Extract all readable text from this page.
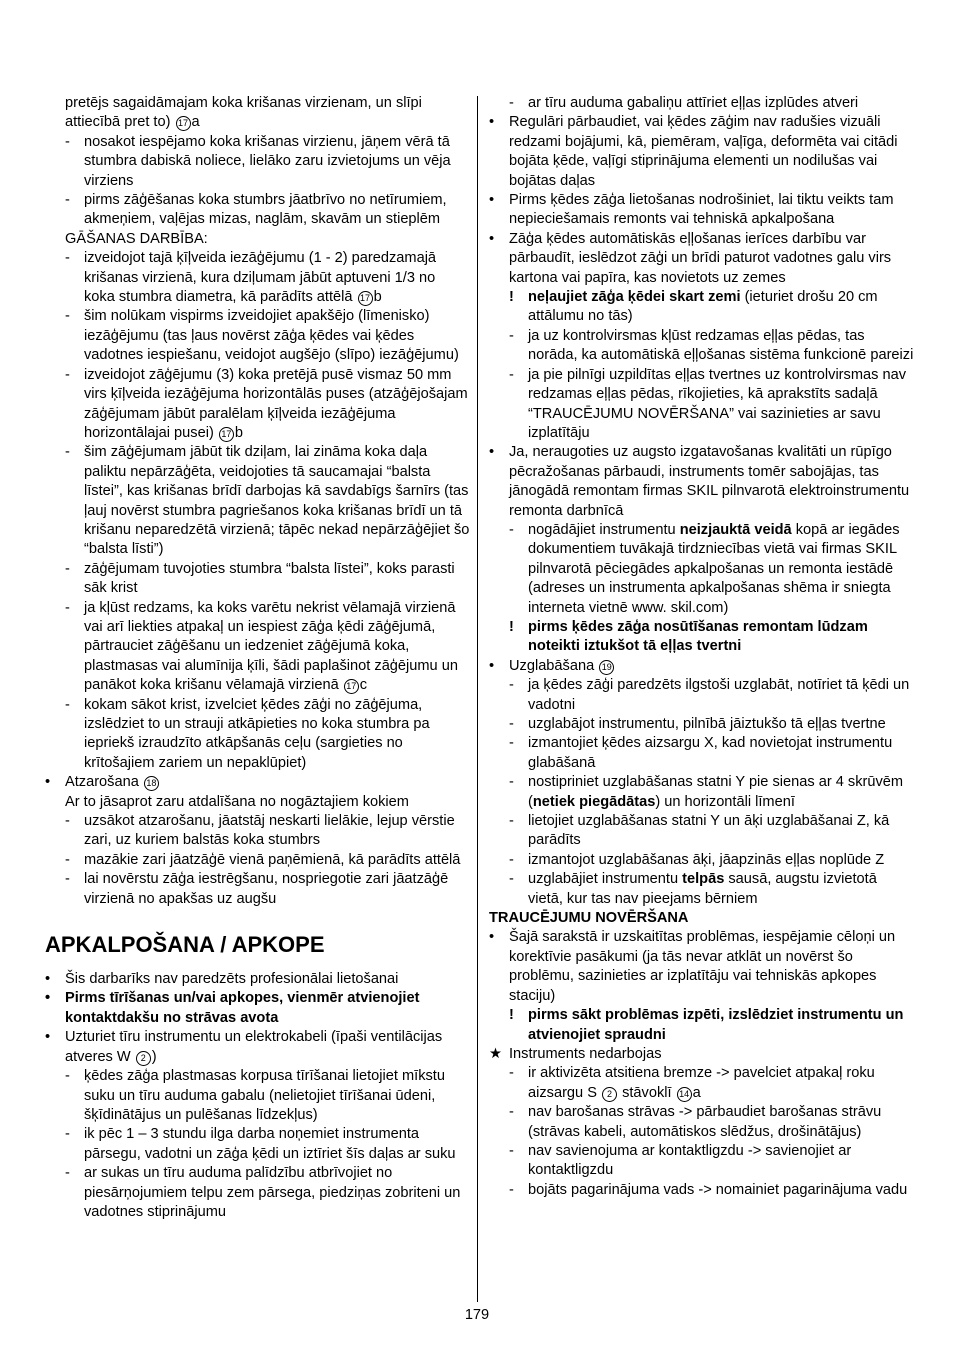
pretējs sagaidāmajam koka krišanas virzienam, un slīpi attiecībā pret to) 17 a
- nosakot iespējamo koka krišanas virzienu, jāņem vērā tā stumbra dabiskā noliece, lielāko zaru izvietojums un vēja virziens
- pirms zāģēšanas koka stumbrs jāatbrīvo no netīrumiem, akmeņiem, vaļējas mizas, naglām, skavām un stieplēm
GĀŠANAS DARBĪBA:
- izveidojot tajā ķīļveida iezāģējumu (1 - 2) paredzamajā krišanas virzienā, kura dziļumam jābūt aptuveni 1/3 no koka stumbra diametra, kā parādīts attēlā 17 b
- šim nolūkam vispirms izveidojiet apakšējo (līmenisko) iezāģējumu (tas ļaus novērst zāģa ķēdes vai ķēdes vadotnes iespiešanu, veidojot augšējo (slīpo) iezāģējumu)
- izveidojot zāģējumu (3) koka pretējā pusē vismaz 50 mm virs ķīļveida iezāģējuma horizontālās puses (atzāģējošajam zāģējumam jābūt paralēlam ķīļveida iezāģējuma horizontālajai pusei) 17 b
- šim zāģējumam jābūt tik dziļam, lai zināma koka daļa paliktu nepārzāģēta, veidojoties tā saucamajai “balsta līstei”, kas krišanas brīdī darbojas kā savdabīgs šarnīrs (tas ļauj novērst stumbra pagriešanos koka krišanas brīdī un tā krišanu neparedzētā virzienā; tāpēc nekad nepārzāģējiet šo “balsta līsti”)
- zāģējumam tuvojoties stumbra “balsta līstei”, koks parasti sāk krist
- ja kļūst redzams, ka koks varētu nekrist vēlamajā virzienā vai arī liekties atpakaļ un iespiest zāģa ķēdi zāģējumā, pārtrauciet zāģēšanu un iedzeniet zāģējumā koka, plastmasas vai alumīnija ķīli, šādi paplašinot zāģējumu un panākot koka krišanu vēlamajā virzienā 17 c
- kokam sākot krist, izvelciet ķēdes zāģi no zāģējuma, izslēdziet to un strauji atkāpieties no koka stumbra pa iepriekš izraudzīto atkāpšanās ceļu (sargieties no krītošajiem zariem un nepaklūpiet)
• Atzarošana 18
Ar to jāsaprot zaru atdalīšana no nogāztajiem kokiem
- uzsākot atzarošanu, jāatstāj neskarti lielākie, lejup vērstie zari, uz kuriem balstās koka stumbrs
- mazākie zari jāatzāģē vienā paņēmienā, kā parādīts attēlā
- lai novērstu zāģa iestrēgšanu, nospriegotie zari jāatzāģē virzienā no apakšas uz augšu
APKALPOŠANA / APKOPE
• Šis darbarīks nav paredzēts profesionālai lietošanai
• Pirms tīrīšanas un/vai apkopes, vienmēr atvienojiet kontaktdakšu no strāvas avota
• Uzturiet tīru instrumentu un elektrokabeli (īpaši ventilācijas atveres W 2 )
- ķēdes zāģa plastmasas korpusa tīrīšanai lietojiet mīkstu suku un tīru auduma gabalu (nelietojiet tīrīšanai ūdeni, šķīdinātājus un pulēšanas līdzekļus)
- ik pēc 1 – 3 stundu ilga darba noņemiet instrumenta pārsegu, vadotni un zāģa ķēdi un iztīriet šīs daļas ar suku
- ar sukas un tīru auduma palīdzību atbrīvojiet no piesārņojumiem telpu zem pārsega, piedziņas zobriteni un vadotnes stiprinājumu
- ar tīru auduma gabaliņu attīriet eļļas izplūdes atveri
• Regulāri pārbaudiet, vai ķēdes zāģim nav radušies vizuāli redzami bojājumi, kā, piemēram, vaļīga, deformēta vai citādi bojāta ķēde, vaļīgi stiprinājuma elementi un nodilušas vai bojātas daļas
• Pirms ķēdes zāģa lietošanas nodrošiniet, lai tiktu veikts tam nepieciešamais remonts vai tehniskā apkalpošana
• Zāģa ķēdes automātiskās eļļošanas ierīces darbību var pārbaudīt, ieslēdzot zāģi un brīdi paturot vadotnes galu virs kartona vai papīra, kas novietots uz zemes
! neļaujiet zāģa ķēdei skart zemi (ieturiet drošu 20 cm attālumu no tās)
- ja uz kontrolvirsmas kļūst redzamas eļļas pēdas, tas norāda, ka automātiskā eļļošanas sistēma funkcionē pareizi
- ja pie pilnīgi uzpildītas eļļas tvertnes uz kontrolvirsmas nav redzamas eļļas pēdas, rīkojieties, kā aprakstīts sadaļā “TRAUCĒJUMU NOVĒRŠANA” vai sazinieties ar savu izplatītāju
• Ja, neraugoties uz augsto izgatavošanas kvalitāti un rūpīgo pēcražošanas pārbaudi, instruments tomēr sabojājas, tas jānogādā remontam firmas SKIL pilnvarotā elektroinstrumentu remonta darbnīcā
- nogādājiet instrumentu neizjauktā veidā kopā ar iegādes dokumentiem tuvākajā tirdzniecības vietā vai firmas SKIL pilnvarotā pēciegādes apkalpošanas un remonta iestādē (adreses un instrumenta apkalpošanas shēma ir sniegta interneta vietnē www. skil.com)
! pirms ķēdes zāģa nosūtīšanas remontam lūdzam noteikti iztukšot tā eļļas tvertni
• Uzglabāšana 19
- ja ķēdes zāģi paredzēts ilgstoši uzglabāt, notīriet tā ķēdi un vadotni
- uzglabājot instrumentu, pilnībā jāiztukšo tā eļļas tvertne
- izmantojiet ķēdes aizsargu X, kad novietojat instrumentu glabāšanā
- nostipriniet uzglabāšanas statni Y pie sienas ar 4 skrūvēm (netiek piegādātas) un horizontāli līmenī
- lietojiet uzglabāšanas statni Y un āķi uzglabāšanai Z, kā parādīts
- izmantojot uzglabāšanas āķi, jāapzinās eļļas noplūde Z
- uzglabājiet instrumentu telpās sausā, augstu izvietotā vietā, kur tas nav pieejams bērniem
TRAUCĒJUMU NOVĒRŠANA
• Šajā sarakstā ir uzskaitītas problēmas, iespējamie cēloņi un korektīvie pasākumi (ja tās nevar atklāt un novērst šo problēmu, sazinieties ar izplatītāju vai tehniskās apkopes staciju)
! pirms sākt problēmas izpēti, izslēdziet instrumentu un atvienojiet spraudni
★ Instruments nedarbojas
- ir aktivizēta atsitiena bremze -> pavelciet atpakaļ roku aizsargu S 2 stāvoklī 14 a
- nav barošanas strāvas -> pārbaudiet barošanas strāvu (strāvas kabeli, automātiskos slēdžus, drošinātājus)
- nav savienojuma ar kontaktligzdu -> savienojiet ar kontaktligzdu
- bojāts pagarinājuma vads -> nomainiet pagarinājuma vadu
179
